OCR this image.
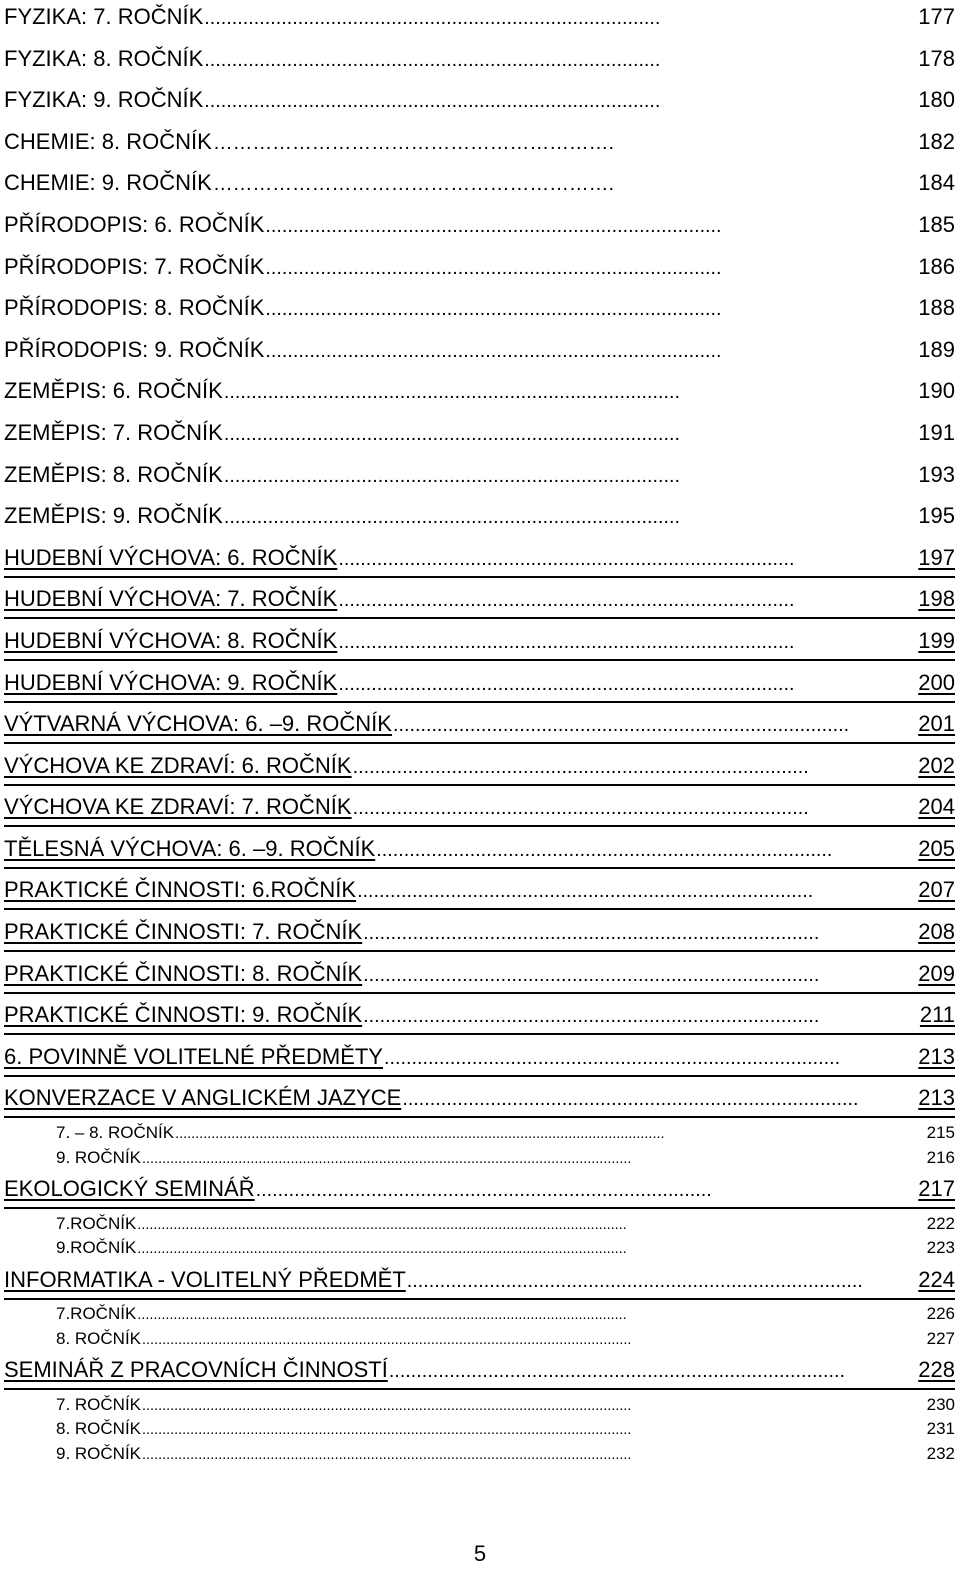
FYZIKA: 7. ROČNÍK ...................................................................................	177
FYZIKA: 8. ROČNÍK ...................................................................................	178
FYZIKA: 9. ROČNÍK ...................................................................................	180
CHEMIE: 8. ROČNÍK …………………………………………………….	182
CHEMIE: 9. ROČNÍK …………………………………………………….	184
PŘÍRODOPIS: 6. ROČNÍK ...................................................................................	185
PŘÍRODOPIS: 7. ROČNÍK ...................................................................................	186
PŘÍRODOPIS: 8. ROČNÍK ...................................................................................	188
PŘÍRODOPIS: 9. ROČNÍK ...................................................................................	189
ZEMĚPIS: 6. ROČNÍK ...................................................................................	190
ZEMĚPIS: 7. ROČNÍK ...................................................................................	191
ZEMĚPIS: 8. ROČNÍK ...................................................................................	193
ZEMĚPIS: 9. ROČNÍK ...................................................................................	195
HUDEBNÍ VÝCHOVA: 6. ROČNÍK ...................................................................................	197
HUDEBNÍ VÝCHOVA: 7. ROČNÍK ...................................................................................	198
HUDEBNÍ VÝCHOVA: 8. ROČNÍK ...................................................................................	199
HUDEBNÍ VÝCHOVA: 9. ROČNÍK ...................................................................................	200
VÝTVARNÁ VÝCHOVA: 6. –9. ROČNÍK ...................................................................................	201
VÝCHOVA KE ZDRAVÍ: 6. ROČNÍK ...................................................................................	202
VÝCHOVA KE ZDRAVÍ: 7. ROČNÍK ...................................................................................	204
TĚLESNÁ VÝCHOVA: 6. –9. ROČNÍK ...................................................................................	205
PRAKTICKÉ ČINNOSTI: 6.ROČNÍK ...................................................................................	207
PRAKTICKÉ ČINNOSTI: 7. ROČNÍK ...................................................................................	208
PRAKTICKÉ ČINNOSTI: 8. ROČNÍK ...................................................................................	209
PRAKTICKÉ ČINNOSTI: 9. ROČNÍK ...................................................................................	211
6. POVINNĚ VOLITELNÉ PŘEDMĚTY ...................................................................................	213
KONVERZACE V ANGLICKÉM JAZYCE ...................................................................................	213
7. – 8. ROČNÍK ..........................................................................................................................	215
9. ROČNÍK ..........................................................................................................................	216
EKOLOGICKÝ SEMINÁŘ ...................................................................................	217
7.ROČNÍK ..........................................................................................................................	222
9.ROČNÍK ..........................................................................................................................	223
INFORMATIKA - VOLITELNÝ PŘEDMĚT ...................................................................................	224
7.ROČNÍK ..........................................................................................................................	226
8. ROČNÍK ..........................................................................................................................	227
SEMINÁŘ Z PRACOVNÍCH ČINNOSTÍ ...................................................................................	228
7. ROČNÍK ..........................................................................................................................	230
8. ROČNÍK ..........................................................................................................................	231
9. ROČNÍK ..........................................................................................................................	232
5
